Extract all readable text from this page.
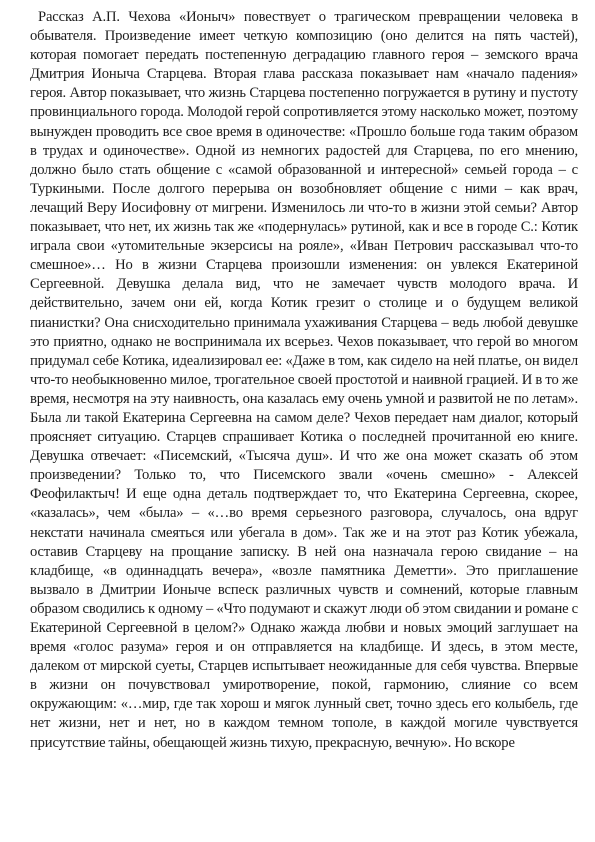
Рассказ А.П. Чехова «Ионыч» повествует о трагическом превращении человека в обывателя. Произведение имеет четкую композицию (оно делится на пять частей), которая помогает передать постепенную деградацию главного героя – земского врача Дмитрия Ионыча Старцева. Вторая глава рассказа показывает нам «начало падения» героя. Автор показывает, что жизнь Старцева постепенно погружается в рутину и пустоту провинциального города. Молодой герой сопротивляется этому насколько может, поэтому вынужден проводить все свое время в одиночестве: «Прошло больше года таким образом в трудах и одиночестве». Одной из немногих радостей для Старцева, по его мнению, должно было стать общение с «самой образованной и интересной» семьей города – с Туркиными. После долгого перерыва он возобновляет общение с ними – как врач, лечащий Веру Иосифовну от мигрени. Изменилось ли что-то в жизни этой семьи? Автор показывает, что нет, их жизнь так же «подернулась» рутиной, как и все в городе С.: Котик играла свои «утомительные экзерсисы на рояле», «Иван Петрович рассказывал что-то смешное»… Но в жизни Старцева произошли изменения: он увлекся Екатериной Сергеевной. Девушка делала вид, что не замечает чувств молодого врача. И действительно, зачем они ей, когда Котик грезит о столице и о будущем великой пианистки? Она снисходительно принимала ухаживания Старцева – ведь любой девушке это приятно, однако не воспринимала их всерьез. Чехов показывает, что герой во многом придумал себе Котика, идеализировал ее: «Даже в том, как сидело на ней платье, он видел что-то необыкновенно милое, трогательное своей простотой и наивной грацией. И в то же время, несмотря на эту наивность, она казалась ему очень умной и развитой не по летам». Была ли такой Екатерина Сергеевна на самом деле? Чехов передает нам диалог, который проясняет ситуацию. Старцев спрашивает Котика о последней прочитанной ею книге. Девушка отвечает: «Писемский, «Тысяча душ». И что же она может сказать об этом произведении? Только то, что Писемского звали «очень смешно» - Алексей Феофилактыч! И еще одна деталь подтверждает то, что Екатерина Сергеевна, скорее, «казалась», чем «была» – «…во время серьезного разговора, случалось, она вдруг некстати начинала смеяться или убегала в дом». Так же и на этот раз Котик убежала, оставив Старцеву на прощание записку. В ней она назначала герою свидание – на кладбище, «в одиннадцать вечера», «возле памятника Деметти». Это приглашение вызвало в Дмитрии Ионыче вспеск различных чувств и сомнений, которые главным образом сводились к одному – «Что подумают и скажут люди об этом свидании и романе с Екатериной Сергеевной в целом?» Однако жажда любви и новых эмоций заглушает на время «голос разума» героя и он отправляется на кладбище. И здесь, в этом месте, далеком от мирской суеты, Старцев испытывает неожиданные для себя чувства. Впервые в жизни он почувствовал умиротворение, покой, гармонию, слияние со всем окружающим: «…мир, где так хорош и мягок лунный свет, точно здесь его колыбель, где нет жизни, нет и нет, но в каждом темном тополе, в каждой могиле чувствуется присутствие тайны, обещающей жизнь тихую, прекрасную, вечную». Но вскоре
